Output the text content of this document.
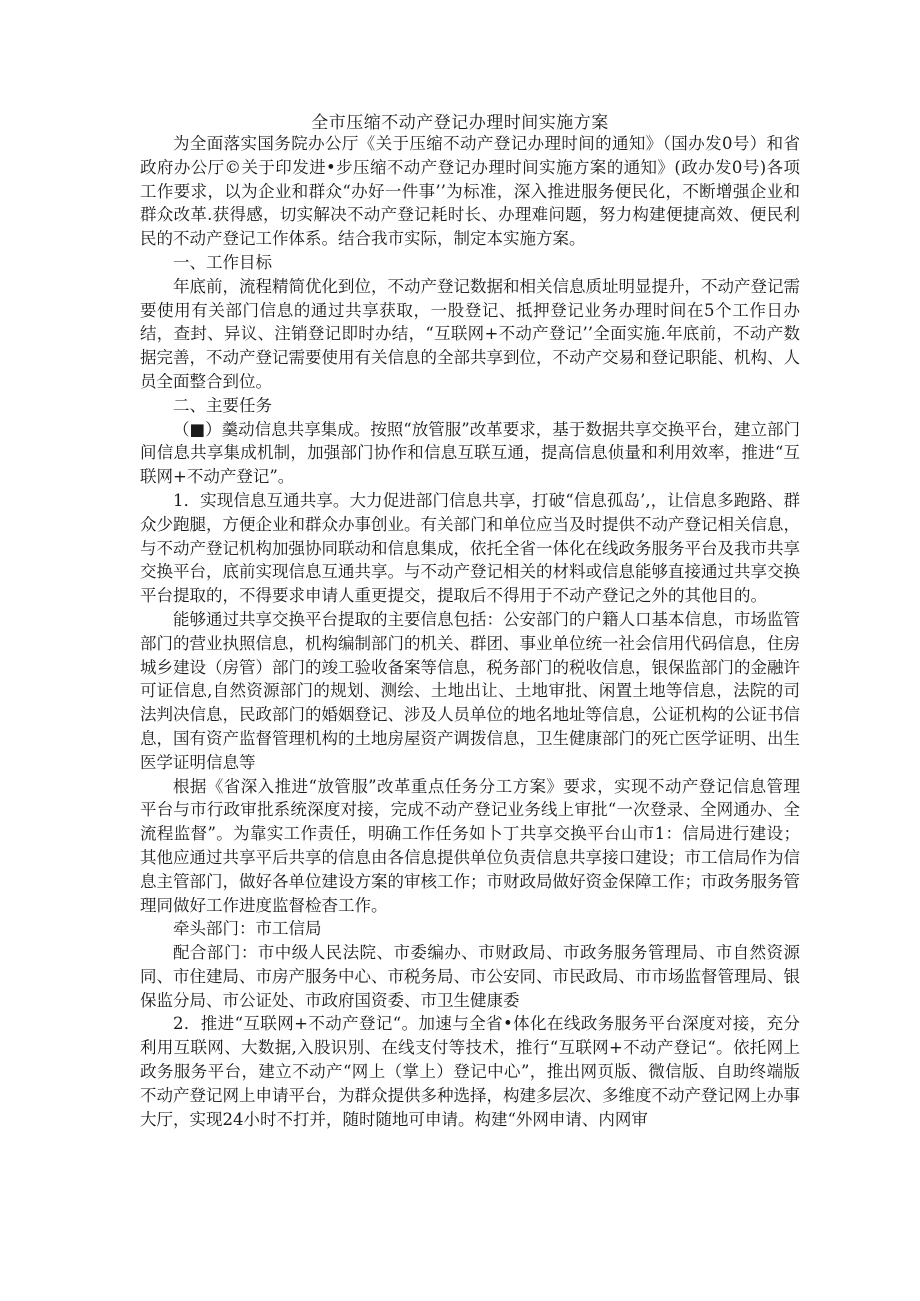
全市压缩不动产登记办理时间实施方案

为全面落实国务院办公厅《关于压缩不动产登记办理时间的通知》（国办发0号）和省政府办公厅©关于印发进•步压缩不动产登记办理时间实施方案的通知》(政办发0号)各项工作要求，以为企业和群众“办好一件事’’为标准，深入推进服务便民化，不断增强企业和群众改革.获得感，切实解决不动产登记耗时长、办理难问题，努力构建便捷高效、便民利民的不动产登记工作体系。结合我市实际，制定本实施方案。

一、工作目标

年底前，流程精简优化到位，不动产登记数据和相关信息质址明显提升，不动产登记需要使用有关部门信息的通过共享获取，一股登记、抵押登记业务办理时间在5个工作日办结，查封、异议、注销登记即时办结，“互联网+不动产登记’’全面实施.年底前，不动产数据完善，不动产登记需要使用有关信息的全部共享到位，不动产交易和登记职能、机构、人员全面整合到位。

二、主要任务

（■）羹动信息共享集成。按照“放管服”改革要求，基于数据共享交换平台，建立部门间信息共享集成机制，加强部门协作和信息互联互通，提高信息侦量和利用效率，推进“互联网+不动产登记”。

1．实现信息互通共享。大力促进部门信息共享，打破“信息孤岛’,，让信息多跑路、群众少跑腿，方便企业和群众办事创业。有关部门和单位应当及时提供不动产登记相关信息，与不动产登记机构加强协同联动和信息集成，依托全省一体化在线政务服务平台及我市共享交换平台，底前实现信息互通共享。与不动产登记相关的材料或信息能够直接通过共享交换平台提取的，不得要求申请人重更提交，提取后不得用于不动产登记之外的其他目的。

能够通过共享交换平台提取的主要信息包括：公安部门的户籍人口基本信息，市场监管部门的营业执照信息，机构编制部门的机关、群团、事业单位统一社会信用代码信息，住房城乡建设（房管）部门的竣工验收备案等信息，税务部门的税收信息，银保监部门的金融许可证信息,自然资源部门的规划、测绘、土地出让、土地审批、闲置土地等信息，法院的司法判决信息，民政部门的婚姻登记、涉及人员单位的地名地址等信息，公证机构的公证书信息，国有资产监督管理机构的土地房屋资产调拨信息，卫生健康部门的死亡医学证明、出生医学证明信息等

根据《省深入推进“放管服”改革重点任务分工方案》要求，实现不动产登记信息管理平台与市行政审批系统深度对接，完成不动产登记业务线上审批“一次登录、全网通办、全流程监督”。为靠实工作责任，明确工作任务如卜丁共享交换平台山市1：信局进行建设；其他应通过共享平后共享的信息由各信息提供单位负责信息共享接口建设；市工信局作为信息主管部门，做好各单位建设方案的审核工作；市财政局做好资金保障工作；市政务服务管理同做好工作进度监督检杳工作。

牵头部门：市工信局

配合部门：市中级人民法院、市委编办、市财政局、市政务服务管理局、市自然资源同、市住建局、市房产服务中心、市税务局、市公安同、市民政局、市市场监督管理局、银保监分局、市公证处、市政府国资委、市卫生健康委

2．推进“互联网+不动产登记“。加速与全省•体化在线政务服务平台深度对接，充分利用互联网、大数据,入股识別、在线支付等技术，推行“互联网+不动产登记“。依托网上政务服务平台，建立不动产“网上（掌上）登记中心”，推出网页版、微信版、自助终端版不动产登记网上申请平台，为群众提供多种选择，构建多层次、多维度不动产登记网上办事大厅，实现24小时不打并，随时随地可申请。构建“外网申请、内网审
